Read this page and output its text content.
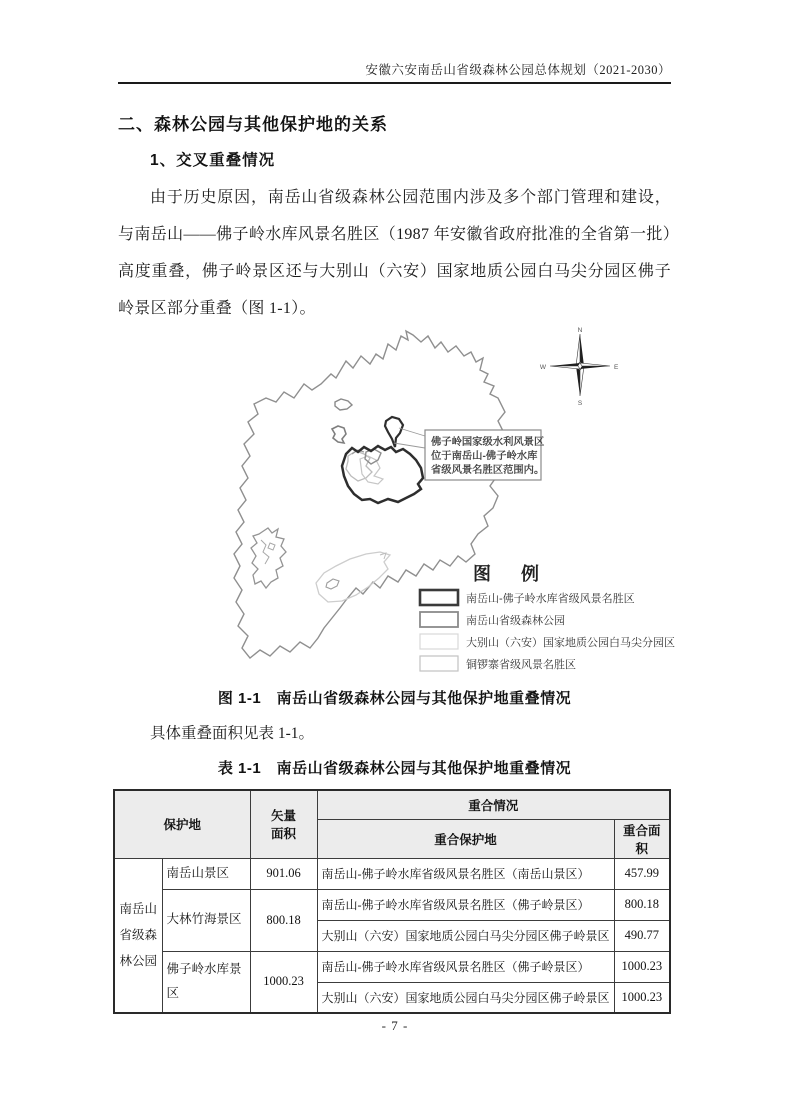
安徽六安南岳山省级森林公园总体规划（2021-2030）
二、森林公园与其他保护地的关系
1、交叉重叠情况
由于历史原因，南岳山省级森林公园范围内涉及多个部门管理和建设，与南岳山——佛子岭水库风景名胜区（1987 年安徽省政府批准的全省第一批）高度重叠，佛子岭景区还与大别山（六安）国家地质公园白马尖分园区佛子岭景区部分重叠（图 1-1）。
佛子岭国家级水利风景区
位于南岳山-佛子岭水库
省级风景名胜区范围内。
N
S
W	E
图　例
南岳山-佛子岭水库省级风景名胜区
南岳山省级森林公园
大别山（六安）国家地质公园白马尖分园区
铜锣寨省级风景名胜区
图 1-1　南岳山省级森林公园与其他保护地重叠情况
具体重叠面积见表 1-1。
表 1-1　南岳山省级森林公园与其他保护地重叠情况
保护地		矢量
面积	重合情况	
			重合保护地	重合面积
南岳山省级森林公园	南岳山景区	901.06	南岳山-佛子岭水库省级风景名胜区（南岳山景区）	457.99
	大林竹海景区	800.18	南岳山-佛子岭水库省级风景名胜区（佛子岭景区）	800.18
			大别山（六安）国家地质公园白马尖分园区佛子岭景区	490.77
	佛子岭水库景区	1000.23	南岳山-佛子岭水库省级风景名胜区（佛子岭景区）	1000.23
			大别山（六安）国家地质公园白马尖分园区佛子岭景区	1000.23
- 7 -
